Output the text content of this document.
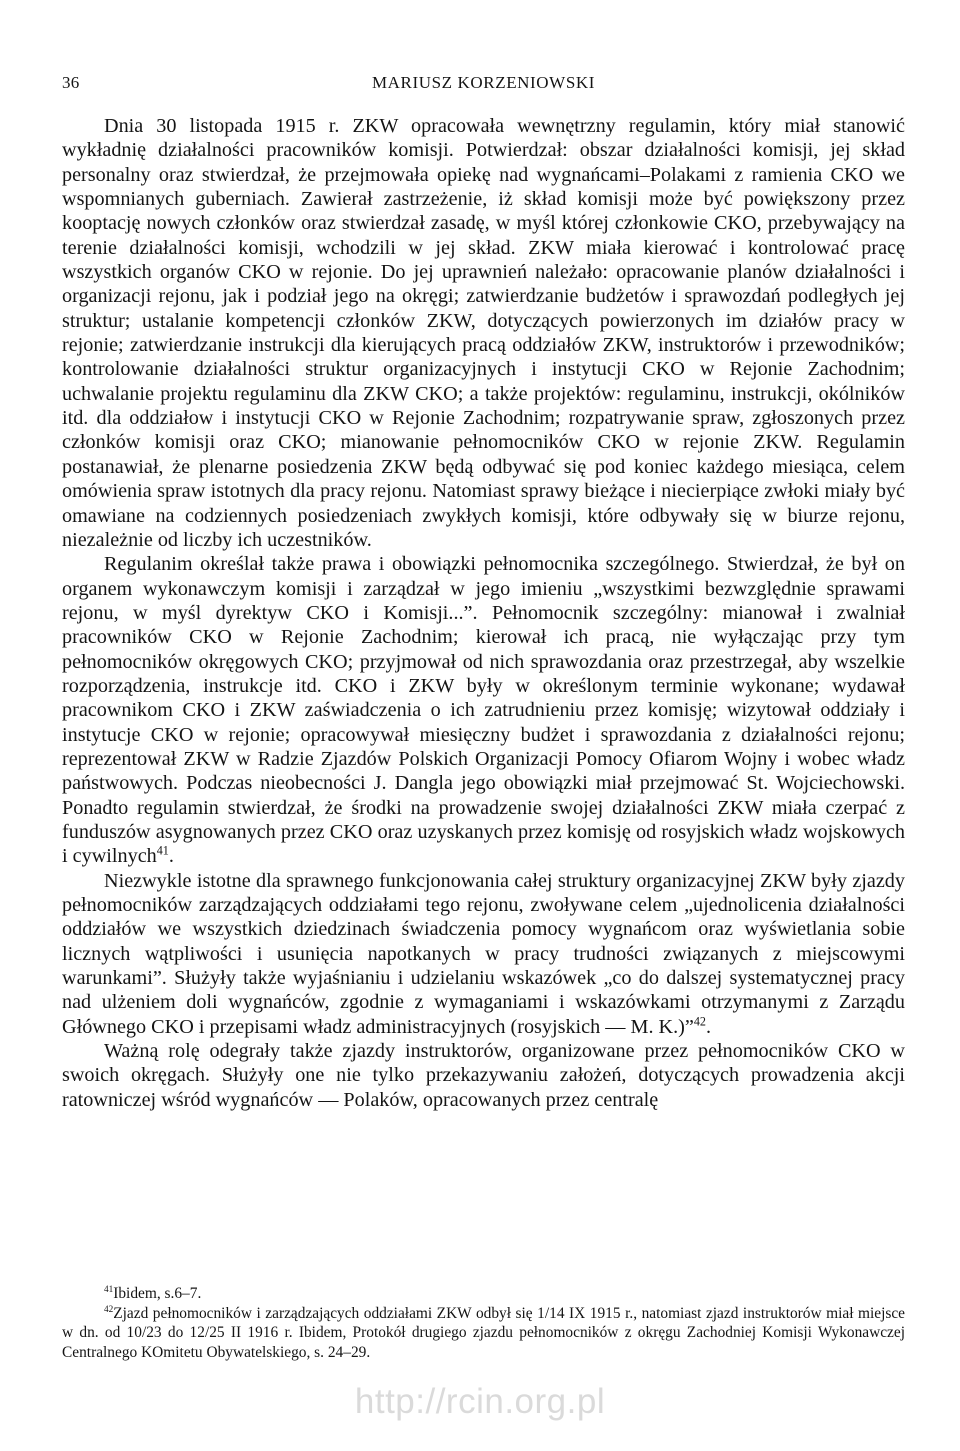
36	MARIUSZ KORZENIOWSKI

Dnia 30 listopada 1915 r. ZKW opracowała wewnętrzny regulamin, który miał stanowić wykładnię działalności pracowników komisji. Potwierdzał: obszar działalności komisji, jej skład personalny oraz stwierdzał, że przejmowała opiekę nad wygnańcami–Polakami z ramienia CKO we wspomnianych guberniach. Zawierał zastrzeżenie, iż skład komisji może być powiększony przez kooptację nowych członków oraz stwierdzał zasadę, w myśl której członkowie CKO, przebywający na terenie działalności komisji, wchodzili w jej skład. ZKW miała kierować i kontrolować pracę wszystkich organów CKO w rejonie. Do jej uprawnień należało: opracowanie planów działalności i organizacji rejonu, jak i podział jego na okręgi; zatwierdzanie budżetów i sprawozdań podległych jej struktur; ustalanie kompetencji członków ZKW, dotyczących powierzonych im działów pracy w rejonie; zatwierdzanie instrukcji dla kierujących pracą oddziałów ZKW, instruktorów i przewodników; kontrolowanie działalności struktur organizacyjnych i instytucji CKO w Rejonie Zachodnim; uchwalanie projektu regulaminu dla ZKW CKO; a także projektów: regulaminu, instrukcji, okólników itd. dla oddziałow i instytucji CKO w Rejonie Zachodnim; rozpatrywanie spraw, zgłoszonych przez członków komisji oraz CKO; mianowanie pełnomocników CKO w rejonie ZKW. Regulamin postanawiał, że plenarne posiedzenia ZKW będą odbywać się pod koniec każdego miesiąca, celem omówienia spraw istotnych dla pracy rejonu. Natomiast sprawy bieżące i niecierpiące zwłoki miały być omawiane na codziennych posiedzeniach zwykłych komisji, które odbywały się w biurze rejonu, niezależnie od liczby ich uczestników.

Regulanim określał także prawa i obowiązki pełnomocnika szczególnego. Stwierdzał, że był on organem wykonawczym komisji i zarządzał w jego imieniu „wszystkimi bezwzględnie sprawami rejonu, w myśl dyrektyw CKO i Komisji...”. Pełnomocnik szczególny: mianował i zwalniał pracowników CKO w Rejonie Zachodnim; kierował ich pracą, nie wyłączając przy tym pełnomocników okręgowych CKO; przyjmował od nich sprawozdania oraz przestrzegał, aby wszelkie rozporządzenia, instrukcje itd. CKO i ZKW były w określonym terminie wykonane; wydawał pracownikom CKO i ZKW zaświadczenia o ich zatrudnieniu przez komisję; wizytował oddziały i instytucje CKO w rejonie; opracowywał miesięczny budżet i sprawozdania z działalności rejonu; reprezentował ZKW w Radzie Zjazdów Polskich Organizacji Pomocy Ofiarom Wojny i wobec władz państwowych. Podczas nieobecności J. Dangla jego obowiązki miał przejmować St. Wojciechowski. Ponadto regulamin stwierdzał, że środki na prowadzenie swojej działalności ZKW miała czerpać z funduszów asygnowanych przez CKO oraz uzyskanych przez komisję od rosyjskich władz wojskowych i cywilnych$^{41}$.

Niezwykle istotne dla sprawnego funkcjonowania całej struktury organizacyjnej ZKW były zjazdy pełnomocników zarządzających oddziałami tego rejonu, zwoływane celem „ujednolicenia działalności oddziałów we wszystkich dziedzinach świadczenia pomocy wygnańcom oraz wyświetlania sobie licznych wątpliwości i usunięcia napotkanych w pracy trudności związanych z miejscowymi warunkami”. Służyły także wyjaśnianiu i udzielaniu wskazówek „co do dalszej systematycznej pracy nad ulżeniem doli wygnańców, zgodnie z wymaganiami i wskazówkami otrzymanymi z Zarządu Głównego CKO i przepisami władz administracyjnych (rosyjskich — M. K.)”$^{42}$.

Ważną rolę odegrały także zjazdy instruktorów, organizowane przez pełnomocników CKO w swoich okręgach. Służyły one nie tylko przekazywaniu założeń, dotyczących prowadzenia akcji ratowniczej wśród wygnańców — Polaków, opracowanych przez centralę

$^{41}$Ibidem, s.6–7.

$^{42}$Zjazd pełnomocników i zarządzających oddziałami ZKW odbył się 1/14 IX 1915 r., natomiast zjazd instruktorów miał miejsce w dn. od 10/23 do 12/25 II 1916 r. Ibidem, Protokół drugiego zjazdu pełnomocników z okręgu Zachodniej Komisji Wykonawczej Centralnego KOmitetu Obywatelskiego, s. 24–29.

http://rcin.org.pl
